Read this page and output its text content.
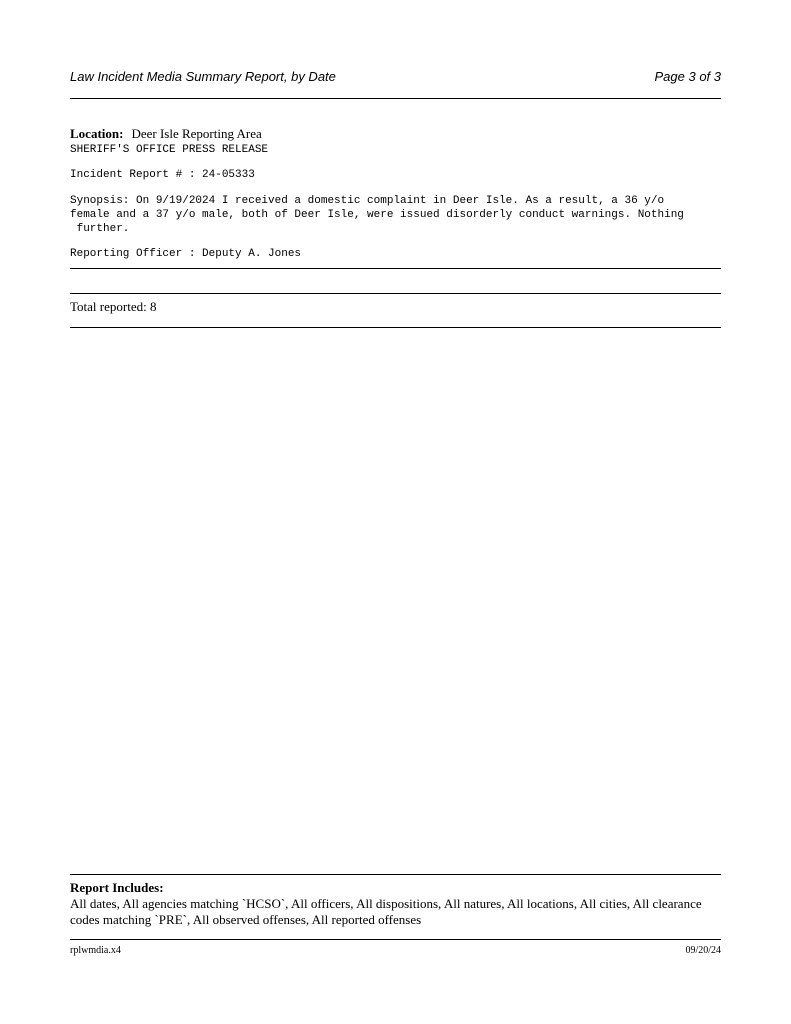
Law Incident Media Summary Report, by Date	Page 3 of 3
Location: Deer Isle Reporting Area
SHERIFF'S OFFICE PRESS RELEASE
Incident Report # : 24-05333
Synopsis: On 9/19/2024 I received a domestic complaint in Deer Isle. As a result, a 36 y/o
female and a 37 y/o male, both of Deer Isle, were issued disorderly conduct warnings. Nothing
further.
Reporting Officer : Deputy A. Jones
Total reported: 8
Report Includes:
All dates, All agencies matching `HCSO`, All officers, All dispositions, All natures, All locations, All cities, All clearance codes matching `PRE`, All observed offenses, All reported offenses
rplwmdia.x4	09/20/24
